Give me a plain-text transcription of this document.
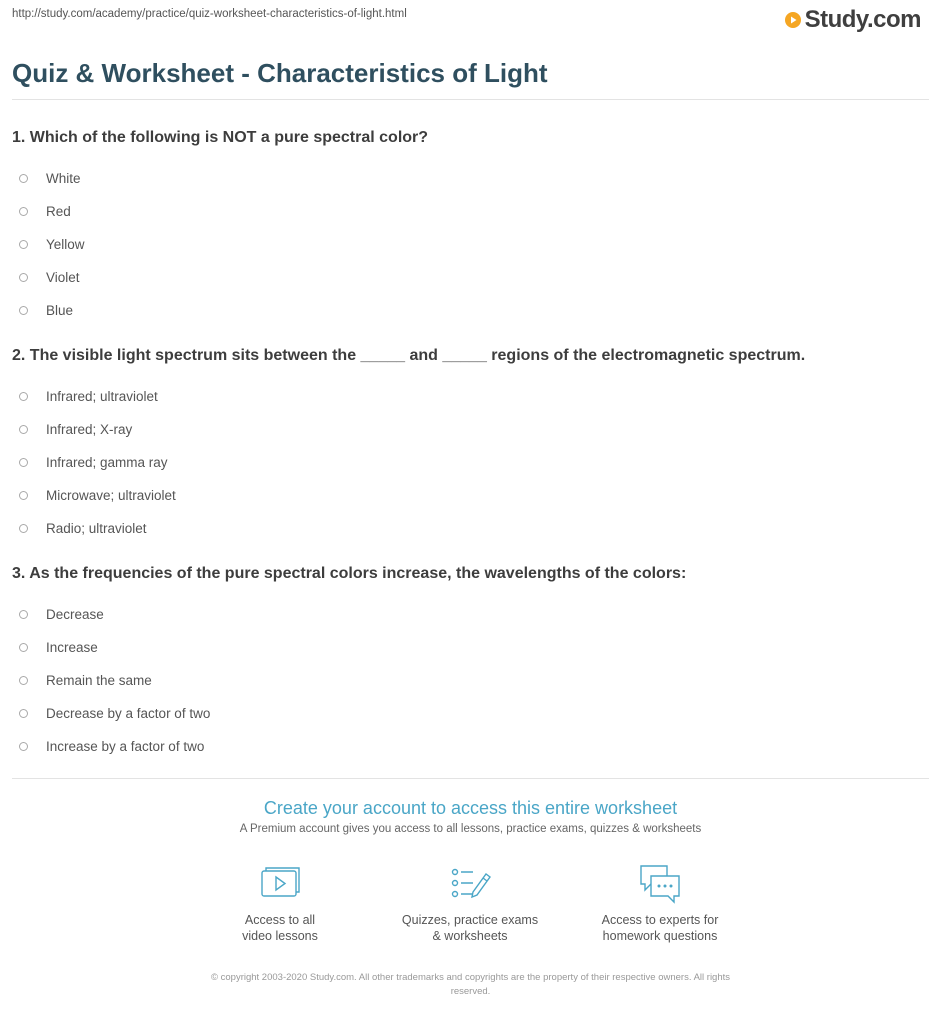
http://study.com/academy/practice/quiz-worksheet-characteristics-of-light.html	Study.com
Quiz & Worksheet - Characteristics of Light

1. Which of the following is NOT a pure spectral color?

White
Red
Yellow
Violet
Blue

2. The visible light spectrum sits between the _____ and _____ regions of the electromagnetic spectrum.

Infrared; ultraviolet
Infrared; X-ray
Infrared; gamma ray
Microwave; ultraviolet
Radio; ultraviolet

3. As the frequencies of the pure spectral colors increase, the wavelengths of the colors:

Decrease
Increase
Remain the same
Decrease by a factor of two
Increase by a factor of two
Create your account to access this entire worksheet
A Premium account gives you access to all lessons, practice exams, quizzes & worksheets
Access to all
video lessons
Quizzes, practice exams
& worksheets
Access to experts for
homework questions
© copyright 2003-2020 Study.com. All other trademarks and copyrights are the property of their respective owners. All rights
reserved.
